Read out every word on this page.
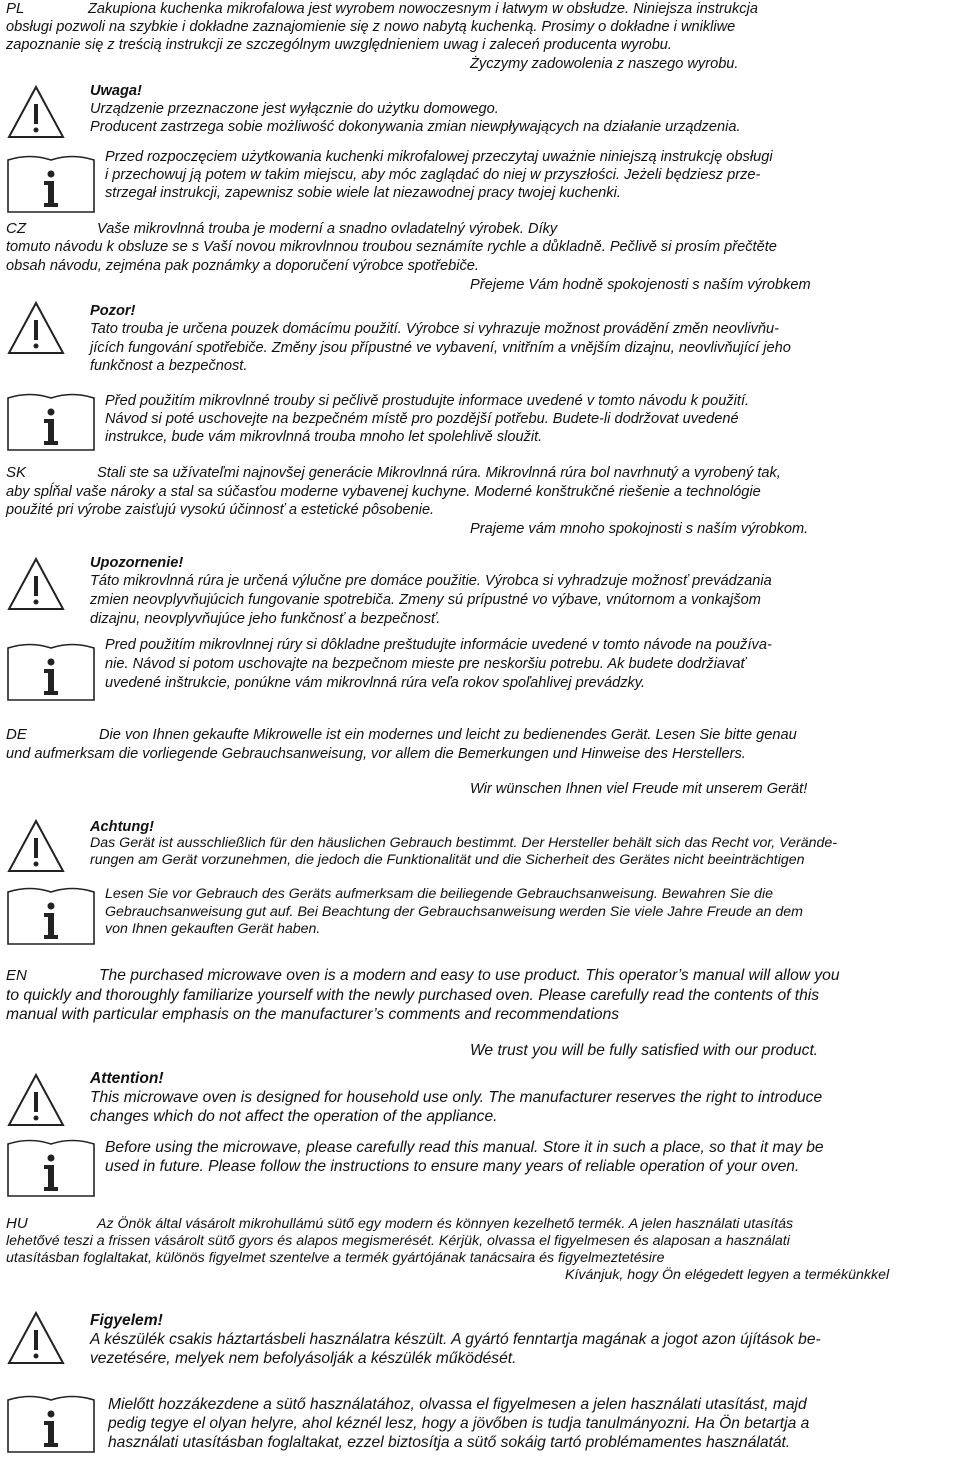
PL	Zakupiona kuchenka mikrofalowa jest wyrobem nowoczesnym i łatwym w obsłudze. Niniejsza instrukcja
obsługi pozwoli na szybkie i dokładne zaznajomienie się z nowo nabytą kuchenką. Prosimy o dokładne i wnikliwe
zapoznanie się z treścią instrukcji ze szczególnym uwzględnieniem uwag i zaleceń producenta wyrobu.
Życzymy zadowolenia z naszego wyrobu.
Uwaga!
Urządzenie przeznaczone jest wyłącznie do użytku domowego.
Producent zastrzega sobie możliwość dokonywania zmian niewpływających na działanie urządzenia.
Przed rozpoczęciem użytkowania kuchenki mikrofalowej przeczytaj uważnie niniejszą instrukcję obsługi
i przechowuj ją potem w takim miejscu, aby móc zaglądać do niej w przyszłości. Jeżeli będziesz prze-
strzegał instrukcji, zapewnisz sobie wiele lat niezawodnej pracy twojej kuchenki.
CZ	Vaše mikrovlnná trouba je moderní a snadno ovladatelný výrobek. Díky
tomuto návodu k obsluze se s Vaší novou mikrovlnnou troubou seznámíte rychle a důkladně. Pečlivě si prosím přečtěte
obsah návodu, zejména pak poznámky a doporučení výrobce spotřebiče.
Přejeme Vám hodně spokojenosti s naším výrobkem
Pozor!
Tato trouba je určena pouzek domácímu použití. Výrobce si vyhrazuje možnost provádění změn neovlivňu-
jících fungování spotřebiče. Změny jsou přípustné ve vybavení, vnitřním a vnějším dizajnu, neovlivňující jeho
funkčnost a bezpečnost.
Před použitím mikrovlnné trouby si pečlivě prostudujte informace uvedené v tomto návodu k použití.
Návod si poté uschovejte na bezpečném místě pro pozdější potřebu. Budete-li dodržovat uvedené
instrukce, bude vám mikrovlnná trouba mnoho let spolehlivě sloužit.
SK	Stali ste sa užívateľmi najnovšej generácie Mikrovlnná rúra. Mikrovlnná rúra bol navrhnutý a vyrobený tak,
aby spĺňal vaše nároky a stal sa súčasťou moderne vybavenej kuchyne. Moderné konštrukčné riešenie a technológie
použité pri výrobe zaisťujú vysokú účinnosť a estetické pôsobenie.
Prajeme vám mnoho spokojnosti s naším výrobkom.
Upozornenie!
Táto mikrovlnná rúra je určená výlučne pre domáce použitie. Výrobca si vyhradzuje možnosť prevádzania
zmien neovplyvňujúcich fungovanie spotrebiča. Zmeny sú prípustné vo výbave, vnútornom a vonkajšom
dizajnu, neovplyvňujúce jeho funkčnosť a bezpečnosť.
Pred použitím mikrovlnnej rúry si dôkladne preštudujte informácie uvedené v tomto návode na používa-
nie. Návod si potom uschovajte na bezpečnom mieste pre neskoršiu potrebu. Ak budete dodržiavať
uvedené inštrukcie, ponúkne vám mikrovlnná rúra veľa rokov spoľahlivej prevádzky.
DE	Die von Ihnen gekaufte Mikrowelle ist ein modernes und leicht zu bedienendes Gerät. Lesen Sie bitte genau
und aufmerksam die vorliegende Gebrauchsanweisung, vor allem die Bemerkungen und Hinweise des Herstellers.
Wir wünschen Ihnen viel Freude mit unserem Gerät!
Achtung!
Das Gerät ist ausschließlich für den häuslichen Gebrauch bestimmt. Der Hersteller behält sich das Recht vor, Verände-
rungen am Gerät vorzunehmen, die jedoch die Funktionalität und die Sicherheit des Gerätes nicht beeinträchtigen
Lesen Sie vor Gebrauch des Geräts aufmerksam die beiliegende Gebrauchsanweisung. Bewahren Sie die
Gebrauchsanweisung gut auf. Bei Beachtung der Gebrauchsanweisung werden Sie viele Jahre Freude an dem
von Ihnen gekauften Gerät haben.
EN	The purchased microwave oven is a modern and easy to use product. This operator’s manual will allow you
to quickly and thoroughly familiarize yourself with the newly purchased oven. Please carefully read the contents of this
manual with particular emphasis on the manufacturer’s comments and recommendations
We trust you will be fully satisfied with our product.
Attention!
This microwave oven is designed for household use only. The manufacturer reserves the right to introduce
changes which do not affect the operation of the appliance.
Before using the microwave, please carefully read this manual. Store it in such a place, so that it may be
used in future. Please follow the instructions to ensure many years of reliable operation of your oven.
HU	Az Önök által vásárolt mikrohullámú sütő egy modern és könnyen kezelhető termék. A jelen használati utasítás
lehetővé teszi a frissen vásárolt sütő gyors és alapos megismerését. Kérjük, olvassa el figyelmesen és alaposan a használati
utasításban foglaltakat, különös figyelmet szentelve a termék gyártójának tanácsaira és figyelmeztetésire
Kívánjuk, hogy Ön elégedett legyen a termékünkkel
Figyelem!
A készülék csakis háztartásbeli használatra készült. A gyártó fenntartja magának a jogot azon újítások be-
vezetésére, melyek nem befolyásolják a készülék működését.
Mielőtt hozzákezdene a sütő használatához, olvassa el figyelmesen a jelen használati utasítást, majd
pedig tegye el olyan helyre, ahol kéznél lesz, hogy a jövőben is tudja tanulmányozni. Ha Ön betartja a
használati utasításban foglaltakat, ezzel biztosítja a sütő sokáig tartó problémamentes használatát.
